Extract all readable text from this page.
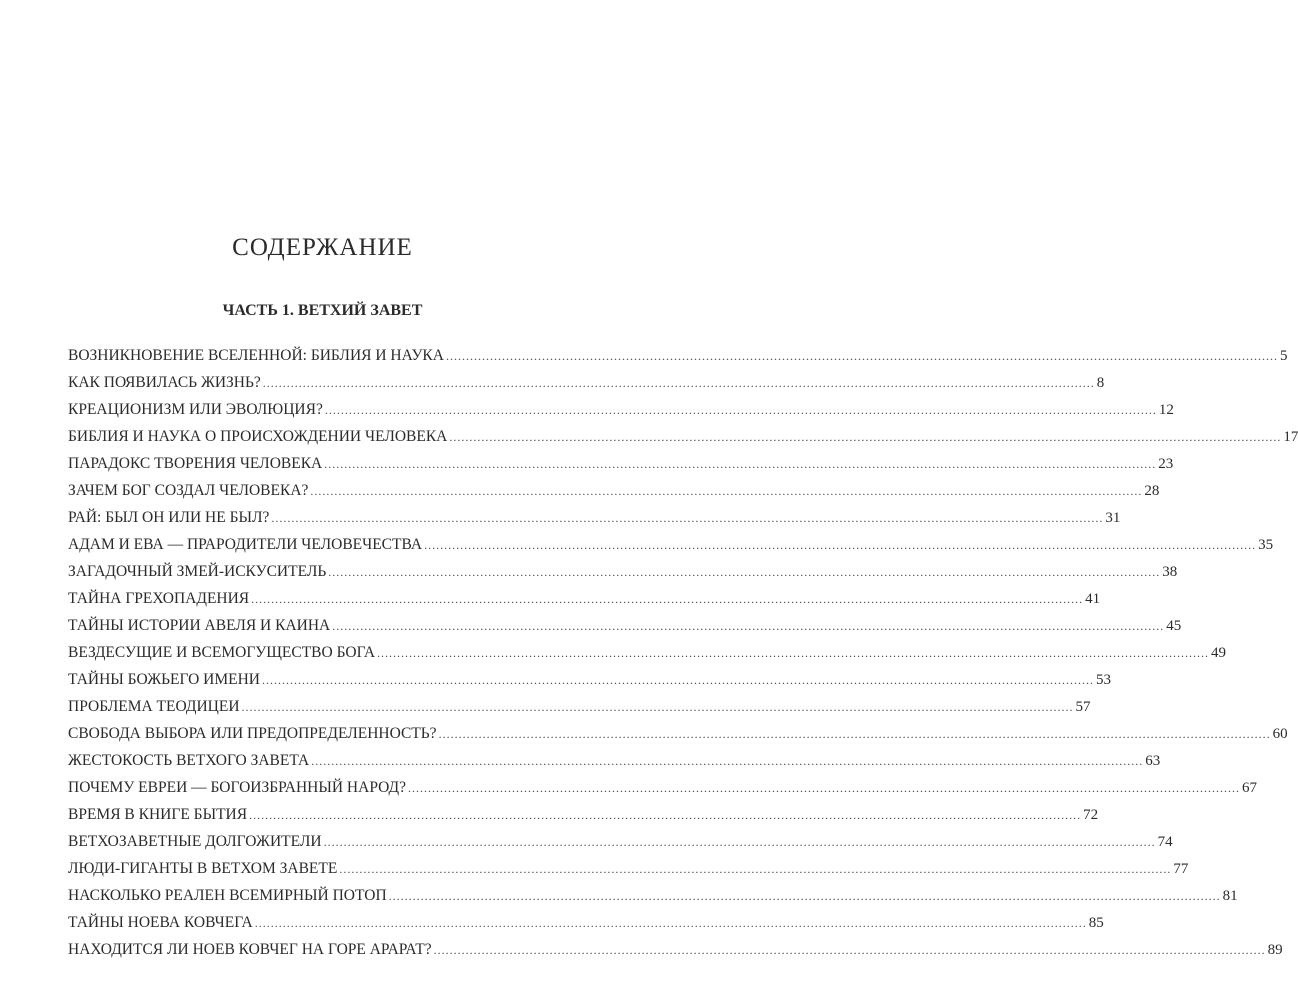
СОДЕРЖАНИЕ
ЧАСТЬ 1. ВЕТХИЙ ЗАВЕТ
ВОЗНИКНОВЕНИЕ ВСЕЛЕННОЙ: БИБЛИЯ И НАУКА .....	5
КАК ПОЯВИЛАСЬ ЖИЗНЬ? .....	8
КРЕАЦИОНИЗМ ИЛИ ЭВОЛЮЦИЯ? .....	12
БИБЛИЯ И НАУКА О ПРОИСХОЖДЕНИИ ЧЕЛОВЕКА .....	17
ПАРАДОКС ТВОРЕНИЯ ЧЕЛОВЕКА .....	23
ЗАЧЕМ БОГ СОЗДАЛ ЧЕЛОВЕКА? .....	28
РАЙ: БЫЛ ОН ИЛИ НЕ БЫЛ? .....	31
АДАМ И ЕВА — ПРАРОДИТЕЛИ ЧЕЛОВЕЧЕСТВА .....	35
ЗАГАДОЧНЫЙ ЗМЕЙ-ИСКУСИТЕЛЬ .....	38
ТАЙНА ГРЕХОПАДЕНИЯ .....	41
ТАЙНЫ ИСТОРИИ АВЕЛЯ И КАИНА .....	45
ВЕЗДЕСУЩИЕ И ВСЕМОГУЩЕСТВО БОГА .....	49
ТАЙНЫ БОЖЬЕГО ИМЕНИ .....	53
ПРОБЛЕМА ТЕОДИЦЕИ .....	57
СВОБОДА ВЫБОРА ИЛИ ПРЕДОПРЕДЕЛЕННОСТЬ? .....	60
ЖЕСТОКОСТЬ ВЕТХОГО ЗАВЕТА .....	63
ПОЧЕМУ ЕВРЕИ — БОГОИЗБРАННЫЙ НАРОД? .....	67
ВРЕМЯ В КНИГЕ БЫТИЯ .....	72
ВЕТХОЗАВЕТНЫЕ ДОЛГОЖИТЕЛИ .....	74
ЛЮДИ-ГИГАНТЫ В ВЕТХОМ ЗАВЕТЕ .....	77
НАСКОЛЬКО РЕАЛЕН ВСЕМИРНЫЙ ПОТОП .....	81
ТАЙНЫ НОЕВА КОВЧЕГА .....	85
НАХОДИТСЯ ЛИ НОЕВ КОВЧЕГ НА ГОРЕ АРАРАТ? .....	89
